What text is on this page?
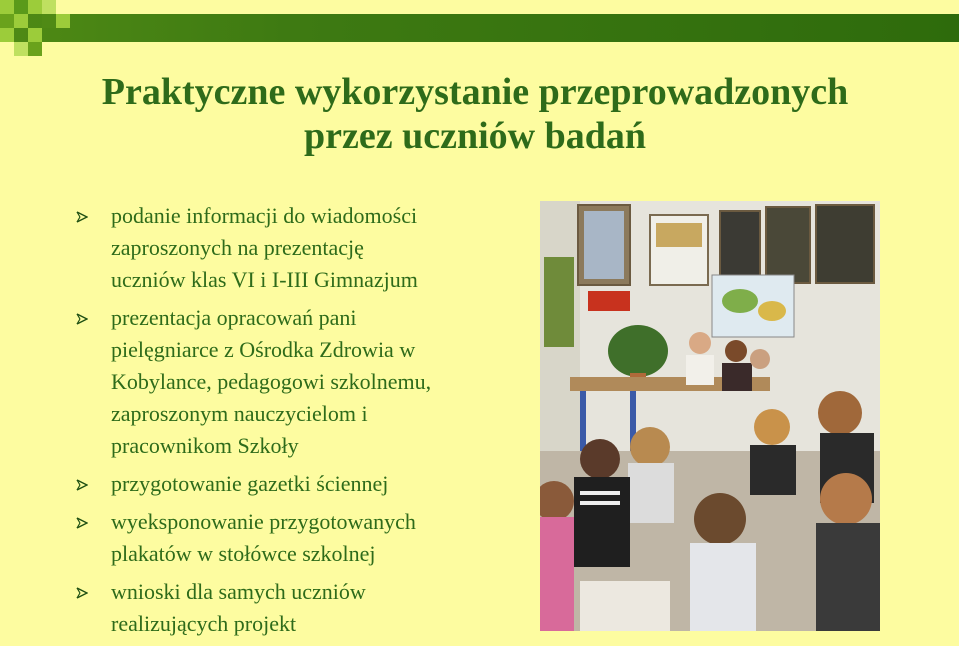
Praktyczne wykorzystanie przeprowadzonych
przez uczniów badań
podanie informacji do wiadomości
zaproszonych na prezentację
uczniów klas VI i I-III Gimnazjum
prezentacja opracowań pani
pielęgniarce z Ośrodka Zdrowia w
Kobylance, pedagogowi szkolnemu,
zaproszonym nauczycielom i
pracownikom Szkoły
przygotowanie gazetki ściennej
wyeksponowanie przygotowanych
plakatów w stołówce szkolnej
wnioski dla samych uczniów
realizujących projekt
